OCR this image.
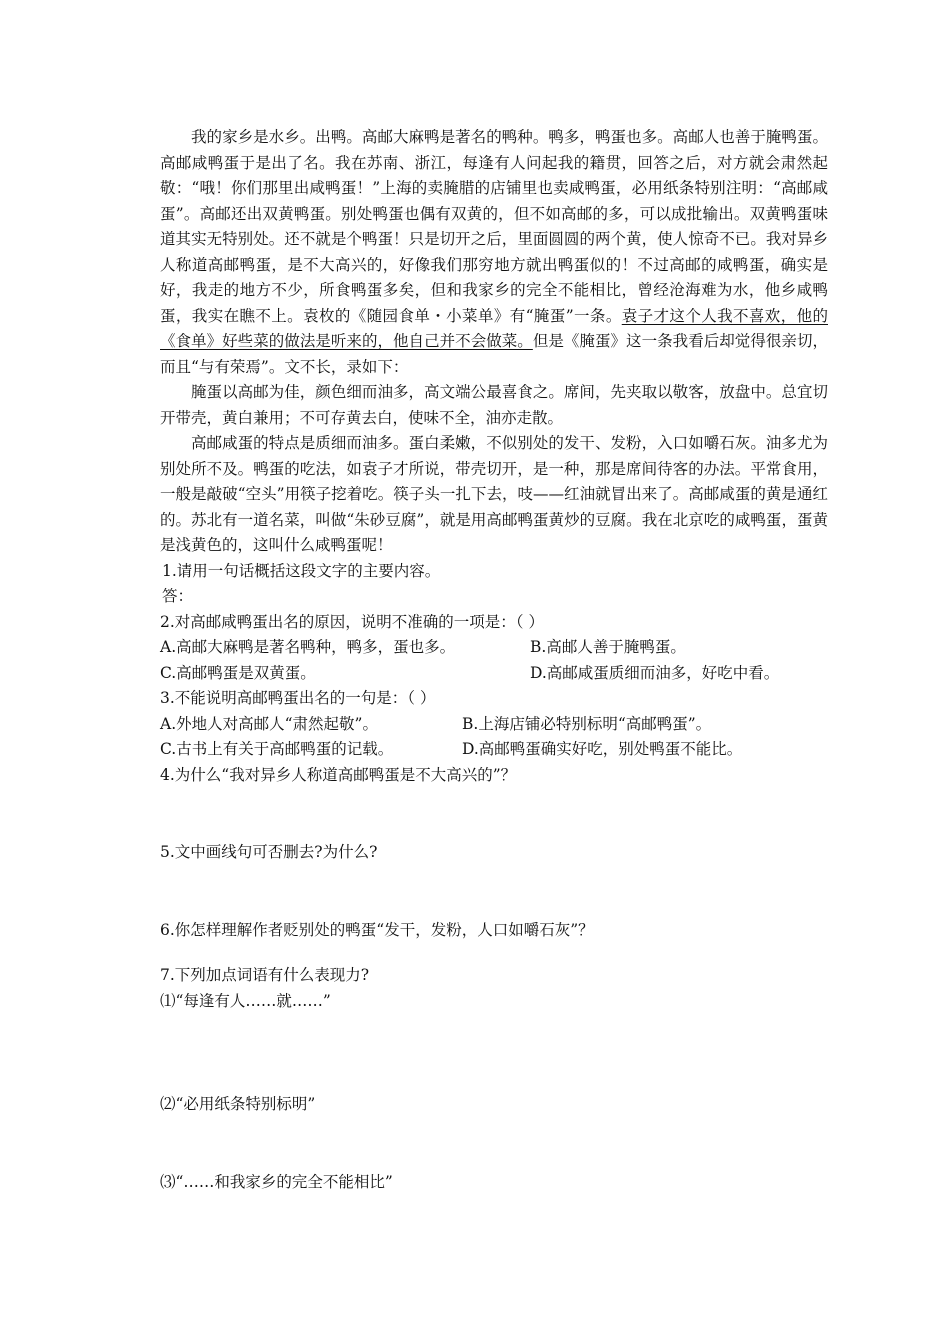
我的家乡是水乡。出鸭。高邮大麻鸭是著名的鸭种。鸭多，鸭蛋也多。高邮人也善于腌鸭蛋。高邮咸鸭蛋于是出了名。我在苏南、浙江，每逢有人问起我的籍贯，回答之后，对方就会肃然起敬：“哦！你们那里出咸鸭蛋！”上海的卖腌腊的店铺里也卖咸鸭蛋，必用纸条特别注明：“高邮咸蛋”。高邮还出双黄鸭蛋。别处鸭蛋也偶有双黄的，但不如高邮的多，可以成批输出。双黄鸭蛋味道其实无特别处。还不就是个鸭蛋！只是切开之后，里面圆圆的两个黄，使人惊奇不已。我对异乡人称道高邮鸭蛋，是不大高兴的，好像我们那穷地方就出鸭蛋似的！不过高邮的咸鸭蛋，确实是好，我走的地方不少，所食鸭蛋多矣，但和我家乡的完全不能相比，曾经沧海难为水，他乡咸鸭蛋，我实在瞧不上。袁枚的《随园食单・小菜单》有“腌蛋”一条。袁子才这个人我不喜欢，他的《食单》好些菜的做法是听来的，他自己并不会做菜。但是《腌蛋》这一条我看后却觉得很亲切，而且“与有荣焉”。文不长，录如下：

腌蛋以高邮为佳，颜色细而油多，高文端公最喜食之。席间，先夹取以敬客，放盘中。总宜切开带壳，黄白兼用；不可存黄去白，使味不全，油亦走散。

高邮咸蛋的特点是质细而油多。蛋白柔嫩，不似别处的发干、发粉，入口如嚼石灰。油多尤为别处所不及。鸭蛋的吃法，如袁子才所说，带壳切开，是一种，那是席间待客的办法。平常食用，一般是敲破“空头”用筷子挖着吃。筷子头一扎下去，吱——红油就冒出来了。高邮咸蛋的黄是通红的。苏北有一道名菜，叫做“朱砂豆腐”，就是用高邮鸭蛋黄炒的豆腐。我在北京吃的咸鸭蛋，蛋黄是浅黄色的，这叫什么咸鸭蛋呢！

1.请用一句话概括这段文字的主要内容。

答：

2.对高邮咸鸭蛋出名的原因，说明不准确的一项是：（ ）

A.高邮大麻鸭是著名鸭种，鸭多，蛋也多。	B.高邮人善于腌鸭蛋。
C.高邮鸭蛋是双黄蛋。	D.高邮咸蛋质细而油多，好吃中看。

3.不能说明高邮鸭蛋出名的一句是：（ ）

A.外地人对高邮人“肃然起敬”。	B.上海店铺必特别标明“高邮鸭蛋”。
C.古书上有关于高邮鸭蛋的记载。	D.高邮鸭蛋确实好吃，别处鸭蛋不能比。

4.为什么“我对异乡人称道高邮鸭蛋是不大高兴的”？

5.文中画线句可否删去?为什么?

6.你怎样理解作者贬别处的鸭蛋“发干，发粉，人口如嚼石灰”？

7.下列加点词语有什么表现力?

⑴“每逢有人……就……”

⑵“必用纸条特别标明”

⑶“……和我家乡的完全不能相比”
